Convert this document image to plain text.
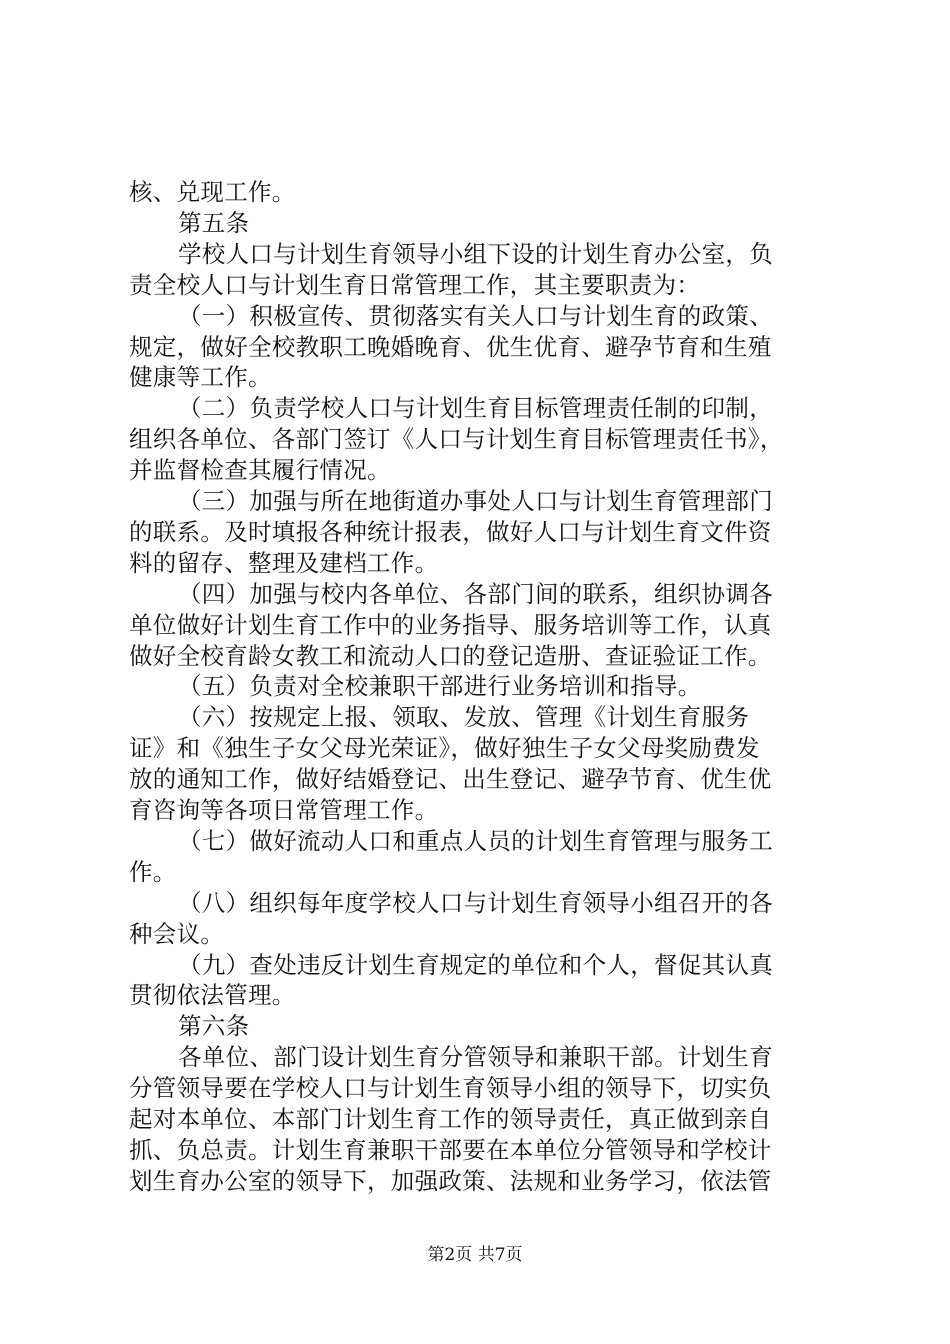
核、兑现工作。
第五条
学校人口与计划生育领导小组下设的计划生育办公室，负
责全校人口与计划生育日常管理工作，其主要职责为：
（一）积极宣传、贯彻落实有关人口与计划生育的政策、
规定，做好全校教职工晚婚晚育、优生优育、避孕节育和生殖
健康等工作。
（二）负责学校人口与计划生育目标管理责任制的印制，
组织各单位、各部门签订《人口与计划生育目标管理责任书》，
并监督检查其履行情况。
（三）加强与所在地街道办事处人口与计划生育管理部门
的联系。及时填报各种统计报表，做好人口与计划生育文件资
料的留存、整理及建档工作。
（四）加强与校内各单位、各部门间的联系，组织协调各
单位做好计划生育工作中的业务指导、服务培训等工作，认真
做好全校育龄女教工和流动人口的登记造册、查证验证工作。
（五）负责对全校兼职干部进行业务培训和指导。
（六）按规定上报、领取、发放、管理《计划生育服务
证》和《独生子女父母光荣证》，做好独生子女父母奖励费发
放的通知工作，做好结婚登记、出生登记、避孕节育、优生优
育咨询等各项日常管理工作。
（七）做好流动人口和重点人员的计划生育管理与服务工
作。
（八）组织每年度学校人口与计划生育领导小组召开的各
种会议。
（九）查处违反计划生育规定的单位和个人，督促其认真
贯彻依法管理。
第六条
各单位、部门设计划生育分管领导和兼职干部。计划生育
分管领导要在学校人口与计划生育领导小组的领导下，切实负
起对本单位、本部门计划生育工作的领导责任，真正做到亲自
抓、负总责。计划生育兼职干部要在本单位分管领导和学校计
划生育办公室的领导下，加强政策、法规和业务学习，依法管
第2页 共7页
